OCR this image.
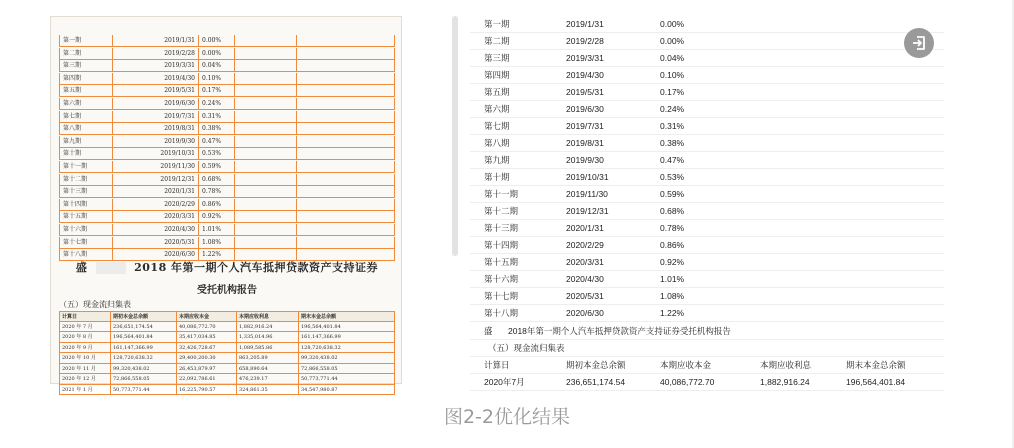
第一期	2019/1/31	0.00%
第二期	2019/2/28	0.00%
第三期	2019/3/31	0.04%
第四期	2019/4/30	0.10%
第五期	2019/5/31	0.17%
第六期	2019/6/30	0.24%
第七期	2019/7/31	0.31%
第八期	2019/8/31	0.38%
第九期	2019/9/30	0.47%
第十期	2019/10/31	0.53%
第十一期	2019/11/30	0.59%
第十二期	2019/12/31	0.68%
第十三期	2020/1/31	0.78%
第十四期	2020/2/29	0.86%
第十五期	2020/3/31	0.92%
第十六期	2020/4/30	1.01%
第十七期	2020/5/31	1.08%
第十八期	2020/6/30	1.22%
盛	2018 年第一期个人汽车抵押贷款资产支持证券
受托机构报告
（五）现金流归集表
计算日	期初本金总余额	本期应收本金	本期应收利息	期末本金总余额
2020 年 7 月	236,651,174.54	40,086,772.70	1,882,916.24	196,564,401.84
2020 年 8 月	196,564,401.84	35,417,034.85	1,335,014.96	161,147,366.99
2020 年 9 月	161,147,366.99	32,426,728.67	1,089,585.86	128,720,638.32
2020 年 10 月	128,720,638.32	29,400,200.30	863,205.89	99,320,438.02
2020 年 11 月	99,320,438.02	26,453,879.97	658,890.64	72,866,558.05
2020 年 12 月	72,866,558.05	22,092,786.61	476,239.17	50,773,771.44
2021 年 1 月	50,773,771.44	16,225,790.57	324,861.35	34,547,980.87
第一期	2019/1/31	0.00%
第二期	2019/2/28	0.00%
第三期	2019/3/31	0.04%
第四期	2019/4/30	0.10%
第五期	2019/5/31	0.17%
第六期	2019/6/30	0.24%
第七期	2019/7/31	0.31%
第八期	2019/8/31	0.38%
第九期	2019/9/30	0.47%
第十期	2019/10/31	0.53%
第十一期	2019/11/30	0.59%
第十二期	2019/12/31	0.68%
第十三期	2020/1/31	0.78%
第十四期	2020/2/29	0.86%
第十五期	2020/3/31	0.92%
第十六期	2020/4/30	1.01%
第十七期	2020/5/31	1.08%
第十八期	2020/6/30	1.22%
盛 2018年第一期个人汽车抵押贷款资产支持证券受托机构报告
（五）现金流归集表
计算日	期初本金总余额	本期应收本金	本期应收利息	期末本金总余额
2020年7月	236,651,174.54	40,086,772.70	1,882,916.24	196,564,401.84
图2-2优化结果
